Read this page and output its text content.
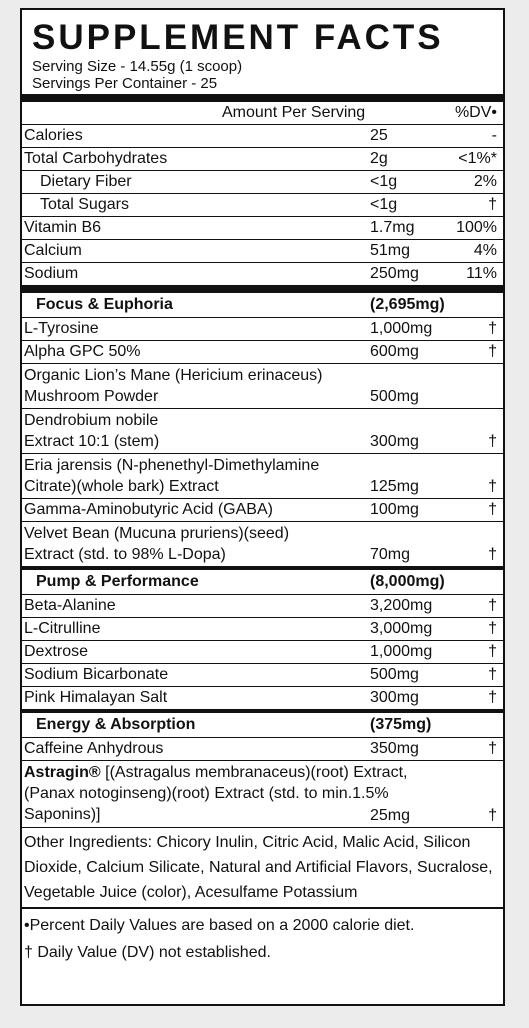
SUPPLEMENT FACTS
Serving Size - 14.55g (1 scoop)
Servings Per Container - 25
Amount Per Serving	%DV•
Calories	25	-
Total Carbohydrates	2g	<1%*
Dietary Fiber	<1g	2%
Total Sugars	<1g	†
Vitamin B6	1.7mg	100%
Calcium	51mg	4%
Sodium	250mg	11%
Focus & Euphoria	(2,695mg)
L-Tyrosine	1,000mg	†
Alpha GPC 50%	600mg	†
Organic Lion’s Mane (Hericium erinaceus)
Mushroom Powder	500mg
Dendrobium nobile
Extract 10:1 (stem)	300mg	†
Eria jarensis (N-phenethyl-Dimethylamine
Citrate)(whole bark) Extract	125mg	†
Gamma-Aminobutyric Acid (GABA)	100mg	†
Velvet Bean (Mucuna pruriens)(seed)
Extract (std. to 98% L-Dopa)	70mg	†
Pump & Performance	(8,000mg)
Beta-Alanine	3,200mg	†
L-Citrulline	3,000mg	†
Dextrose	1,000mg	†
Sodium Bicarbonate	500mg	†
Pink Himalayan Salt	300mg	†
Energy & Absorption	(375mg)
Caffeine Anhydrous	350mg	†
Astragin® [(Astragalus membranaceus)(root) Extract,
(Panax notoginseng)(root) Extract (std. to min.1.5%
Saponins)]	25mg	†
Other Ingredients: Chicory Inulin, Citric Acid, Malic Acid, Silicon Dioxide, Calcium Silicate, Natural and Artificial Flavors, Sucralose, Vegetable Juice (color), Acesulfame Potassium
•Percent Daily Values are based on a 2000 calorie diet.
† Daily Value (DV) not established.
